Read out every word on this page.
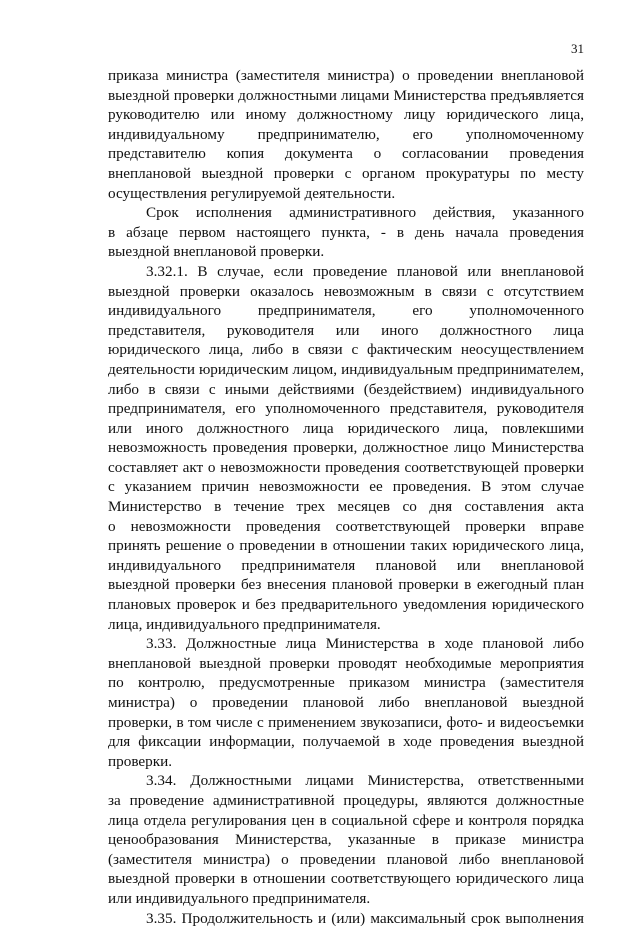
31
приказа министра (заместителя министра) о проведении внеплановой
выездной проверки должностными лицами Министерства предъявляется
руководителю или иному должностному лицу юридического лица,
индивидуальному предпринимателю, его уполномоченному
представителю копия документа о согласовании проведения
внеплановой выездной проверки с органом прокуратуры по месту
осуществления регулируемой деятельности.
Срок исполнения административного действия, указанного
в абзаце первом настоящего пункта, - в день начала проведения
выездной внеплановой проверки.
3.32.1. В случае, если проведение плановой или внеплановой
выездной проверки оказалось невозможным в связи с отсутствием
индивидуального предпринимателя, его уполномоченного
представителя, руководителя или иного должностного лица
юридического лица, либо в связи с фактическим неосуществлением
деятельности юридическим лицом, индивидуальным предпринимателем,
либо в связи с иными действиями (бездействием) индивидуального
предпринимателя, его уполномоченного представителя, руководителя
или иного должностного лица юридического лица, повлекшими
невозможность проведения проверки, должностное лицо Министерства
составляет акт о невозможности проведения соответствующей проверки
с указанием причин невозможности ее проведения. В этом случае
Министерство в течение трех месяцев со дня составления акта
о невозможности проведения соответствующей проверки вправе
принять решение о проведении в отношении таких юридического лица,
индивидуального предпринимателя плановой или внеплановой
выездной проверки без внесения плановой проверки в ежегодный план
плановых проверок и без предварительного уведомления юридического
лица, индивидуального предпринимателя.
3.33. Должностные лица Министерства в ходе плановой либо
внеплановой выездной проверки проводят необходимые мероприятия
по контролю, предусмотренные приказом министра (заместителя
министра) о проведении плановой либо внеплановой выездной
проверки, в том числе с применением звукозаписи, фото- и видеосъемки
для фиксации информации, получаемой в ходе проведения выездной
проверки.
3.34. Должностными лицами Министерства, ответственными
за проведение административной процедуры, являются должностные
лица отдела регулирования цен в социальной сфере и контроля порядка
ценообразования Министерства, указанные в приказе министра
(заместителя министра) о проведении плановой либо внеплановой
выездной проверки в отношении соответствующего юридического лица
или индивидуального предпринимателя.
3.35. Продолжительность и (или) максимальный срок выполнения
